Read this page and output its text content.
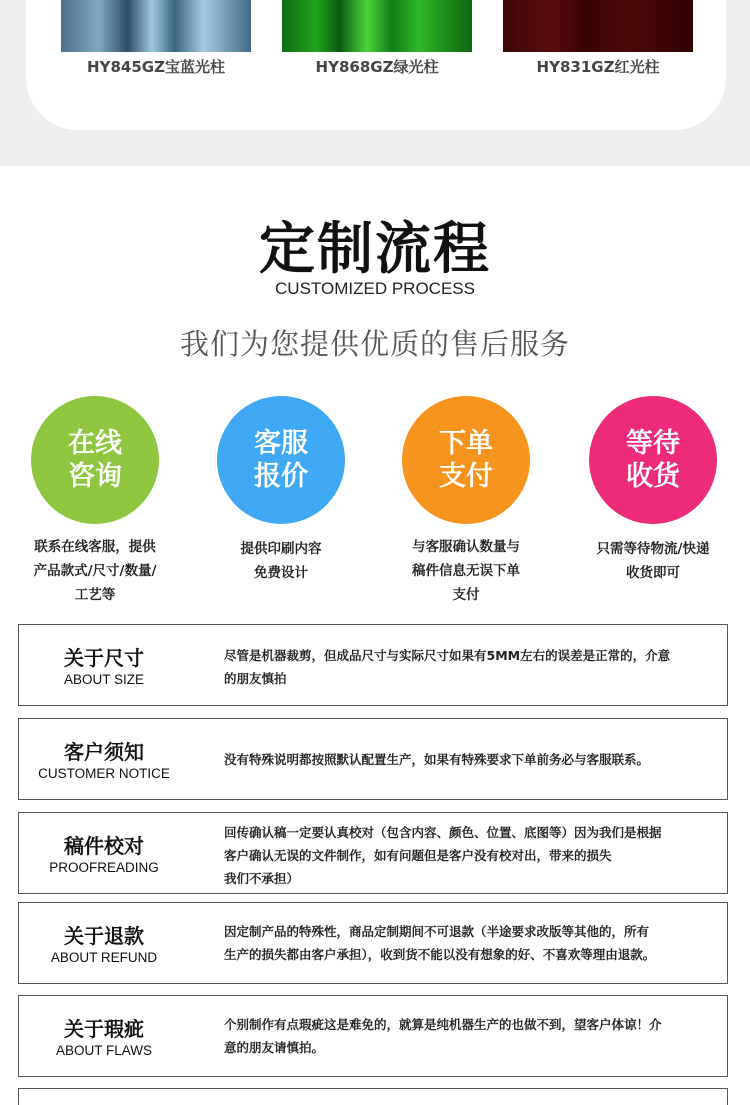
HY845GZ宝蓝光柱	HY868GZ绿光柱	HY831GZ红光柱
定制流程
CUSTOMIZED PROCESS
我们为您提供优质的售后服务
在线
咨询
客服
报价
下单
支付
等待
收货
联系在线客服，提供
产品款式/尺寸/数量/
工艺等
提供印刷内容
免费设计
与客服确认数量与
稿件信息无误下单
支付
只需等待物流/快递
收货即可
关于尺寸
ABOUT SIZE
尽管是机器裁剪，但成品尺寸与实际尺寸如果有5MM左右的误差是正常的，介意
的朋友慎拍
客户须知
CUSTOMER NOTICE
没有特殊说明都按照默认配置生产，如果有特殊要求下单前务必与客服联系。
稿件校对
PROOFREADING
回传确认稿一定要认真校对（包含内容、颜色、位置、底图等）因为我们是根据
客户确认无误的文件制作，如有问题但是客户没有校对出，带来的损失
我们不承担）
关于退款
ABOUT REFUND
因定制产品的特殊性，商品定制期间不可退款（半途要求改版等其他的，所有
生产的损失都由客户承担），收到货不能以没有想象的好、不喜欢等理由退款。
关于瑕疵
ABOUT FLAWS
个别制作有点瑕疵这是难免的，就算是纯机器生产的也做不到，望客户体谅！介
意的朋友请慎拍。
